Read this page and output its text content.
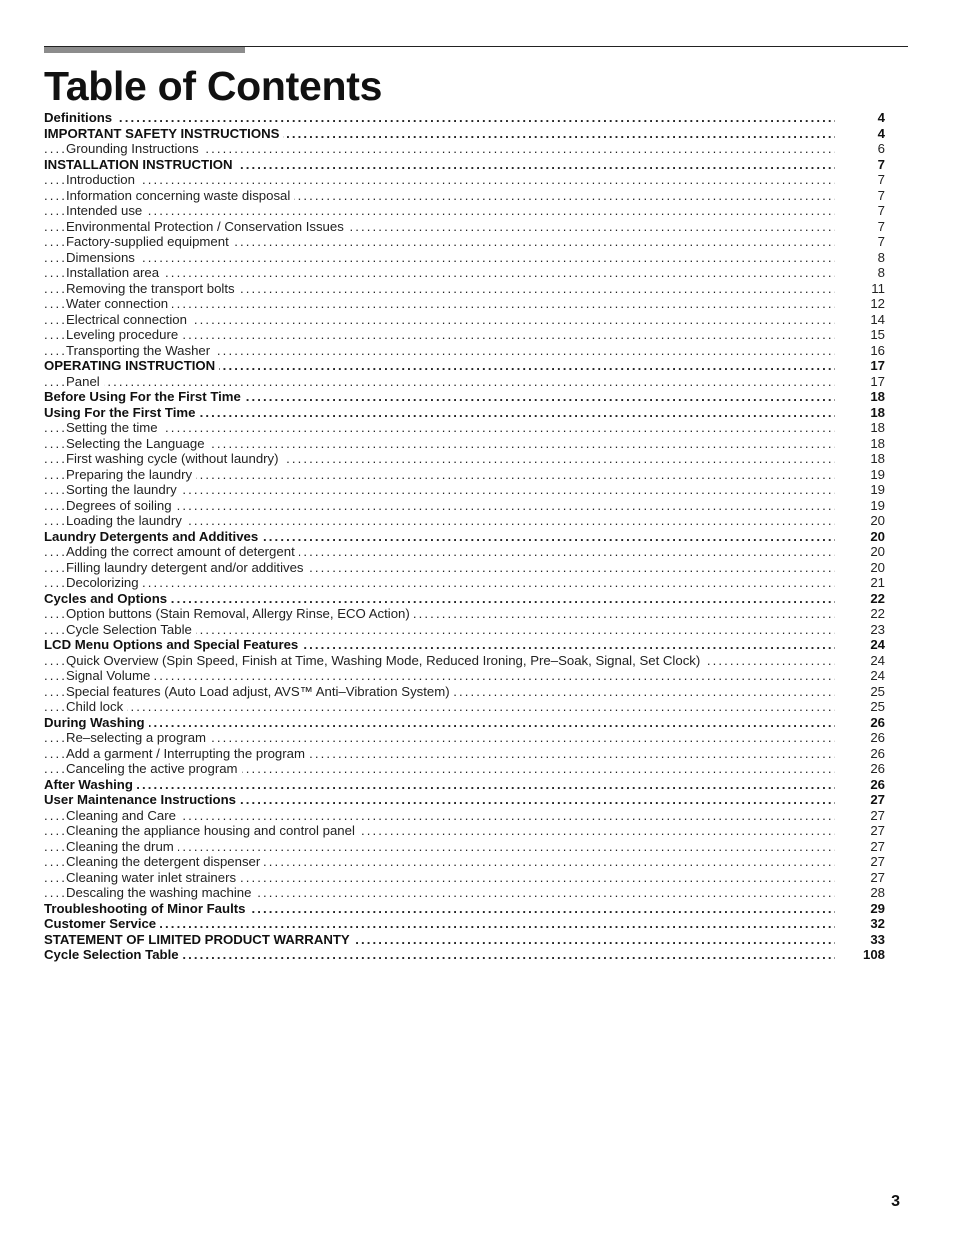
Table of Contents
.....
Definitions	4
.....
IMPORTANT SAFETY INSTRUCTIONS	4
.....
Grounding Instructions	6
.....
INSTALLATION INSTRUCTION	7
.....
Introduction	7
.....
Information concerning waste disposal	7
.....
Intended use	7
.....
Environmental Protection / Conservation Issues	7
.....
Factory-supplied equipment	7
.....
Dimensions	8
.....
Installation area	8
.....
Removing the transport bolts	11
.....
Water connection	12
.....
Electrical connection	14
.....
Leveling procedure	15
.....
Transporting the Washer	16
.....
OPERATING INSTRUCTION	17
.....
Panel	17
.....
Before Using For the First Time	18
.....
Using For the First Time	18
.....
Setting the time	18
.....
Selecting the Language	18
.....
First washing cycle (without laundry)	18
.....
Preparing the laundry	19
.....
Sorting the laundry	19
.....
Degrees of soiling	19
.....
Loading the laundry	20
.....
Laundry Detergents and Additives	20
.....
Adding the correct amount of detergent	20
.....
Filling laundry detergent and/or additives	20
.....
Decolorizing	21
.....
Cycles and Options	22
.....
Option buttons (Stain Removal, Allergy Rinse, ECO Action)	22
.....
Cycle Selection Table	23
.....
LCD Menu Options and Special Features	24
.....
Quick Overview (Spin Speed, Finish at Time, Washing Mode, Reduced Ironing, Pre–Soak, Signal, Set Clock)	24
.....
Signal Volume	24
.....
Special features (Auto Load adjust, AVS™ Anti–Vibration System)	25
.....
Child lock	25
.....
During Washing	26
.....
Re–selecting a program	26
.....
Add a garment / Interrupting the program	26
.....
Canceling the active program	26
.....
After Washing	26
.....
User Maintenance Instructions	27
.....
Cleaning and Care	27
.....
Cleaning the appliance housing and control panel	27
.....
Cleaning the drum	27
.....
Cleaning the detergent dispenser	27
.....
Cleaning water inlet strainers	27
.....
Descaling the washing machine	28
.....
Troubleshooting of Minor Faults	29
.....
Customer Service	32
.....
STATEMENT OF LIMITED PRODUCT WARRANTY	33
.....
Cycle Selection Table	108
3
